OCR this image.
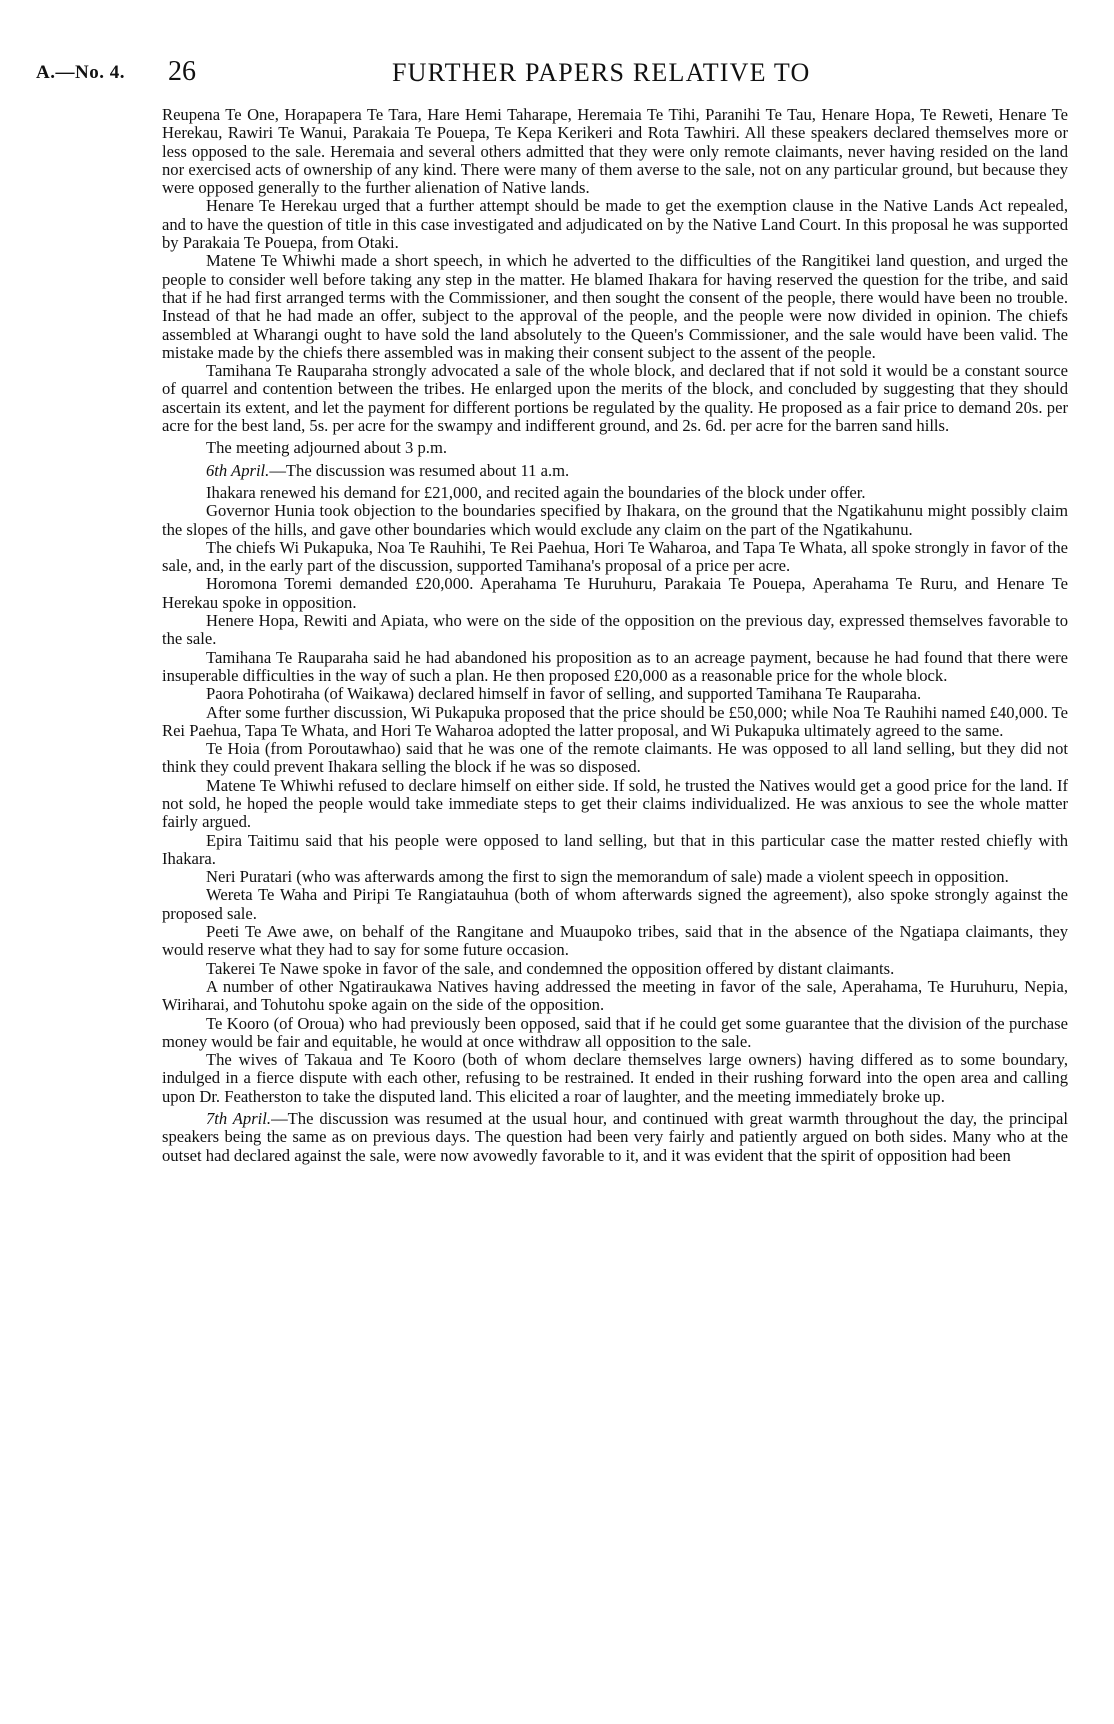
A.—No. 4. 26	FURTHER PAPERS RELATIVE TO

Reupena Te One, Horapapera Te Tara, Hare Hemi Taharape, Heremaia Te Tihi, Paranihi Te Tau, Henare Hopa, Te Reweti, Henare Te Herekau, Rawiri Te Wanui, Parakaia Te Pouepa, Te Kepa Kerikeri and Rota Tawhiri. All these speakers declared themselves more or less opposed to the sale. Heremaia and several others admitted that they were only remote claimants, never having resided on the land nor exercised acts of ownership of any kind. There were many of them averse to the sale, not on any particular ground, but because they were opposed generally to the further alienation of Native lands.

Henare Te Herekau urged that a further attempt should be made to get the exemption clause in the Native Lands Act repealed, and to have the question of title in this case investigated and adjudicated on by the Native Land Court. In this proposal he was supported by Parakaia Te Pouepa, from Otaki.

Matene Te Whiwhi made a short speech, in which he adverted to the difficulties of the Rangitikei land question, and urged the people to consider well before taking any step in the matter. He blamed Ihakara for having reserved the question for the tribe, and said that if he had first arranged terms with the Commissioner, and then sought the consent of the people, there would have been no trouble. Instead of that he had made an offer, subject to the approval of the people, and the people were now divided in opinion. The chiefs assembled at Wharangi ought to have sold the land absolutely to the Queen's Commissioner, and the sale would have been valid. The mistake made by the chiefs there assembled was in making their consent subject to the assent of the people.

Tamihana Te Rauparaha strongly advocated a sale of the whole block, and declared that if not sold it would be a constant source of quarrel and contention between the tribes. He enlarged upon the merits of the block, and concluded by suggesting that they should ascertain its extent, and let the payment for different portions be regulated by the quality. He proposed as a fair price to demand 20s. per acre for the best land, 5s. per acre for the swampy and indifferent ground, and 2s. 6d. per acre for the barren sand hills.

The meeting adjourned about 3 p.m.

6th April.—The discussion was resumed about 11 a.m.

Ihakara renewed his demand for £21,000, and recited again the boundaries of the block under offer.

Governor Hunia took objection to the boundaries specified by Ihakara, on the ground that the Ngatikahunu might possibly claim the slopes of the hills, and gave other boundaries which would exclude any claim on the part of the Ngatikahunu.

The chiefs Wi Pukapuka, Noa Te Rauhihi, Te Rei Paehua, Hori Te Waharoa, and Tapa Te Whata, all spoke strongly in favor of the sale, and, in the early part of the discussion, supported Tamihana's proposal of a price per acre.

Horomona Toremi demanded £20,000. Aperahama Te Huruhuru, Parakaia Te Pouepa, Aperahama Te Ruru, and Henare Te Herekau spoke in opposition.

Henere Hopa, Rewiti and Apiata, who were on the side of the opposition on the previous day, expressed themselves favorable to the sale.

Tamihana Te Rauparaha said he had abandoned his proposition as to an acreage payment, because he had found that there were insuperable difficulties in the way of such a plan. He then proposed £20,000 as a reasonable price for the whole block.

Paora Pohotiraha (of Waikawa) declared himself in favor of selling, and supported Tamihana Te Rauparaha.

After some further discussion, Wi Pukapuka proposed that the price should be £50,000; while Noa Te Rauhihi named £40,000. Te Rei Paehua, Tapa Te Whata, and Hori Te Waharoa adopted the latter proposal, and Wi Pukapuka ultimately agreed to the same.

Te Hoia (from Poroutawhao) said that he was one of the remote claimants. He was opposed to all land selling, but they did not think they could prevent Ihakara selling the block if he was so disposed.

Matene Te Whiwhi refused to declare himself on either side. If sold, he trusted the Natives would get a good price for the land. If not sold, he hoped the people would take immediate steps to get their claims individualized. He was anxious to see the whole matter fairly argued.

Epira Taitimu said that his people were opposed to land selling, but that in this particular case the matter rested chiefly with Ihakara.

Neri Puratari (who was afterwards among the first to sign the memorandum of sale) made a violent speech in opposition.

Wereta Te Waha and Piripi Te Rangiatauhua (both of whom afterwards signed the agreement), also spoke strongly against the proposed sale.

Peeti Te Awe awe, on behalf of the Rangitane and Muaupoko tribes, said that in the absence of the Ngatiapa claimants, they would reserve what they had to say for some future occasion.

Takerei Te Nawe spoke in favor of the sale, and condemned the opposition offered by distant claimants.

A number of other Ngatiraukawa Natives having addressed the meeting in favor of the sale, Aperahama, Te Huruhuru, Nepia, Wiriharai, and Tohutohu spoke again on the side of the opposition.

Te Kooro (of Oroua) who had previously been opposed, said that if he could get some guarantee that the division of the purchase money would be fair and equitable, he would at once withdraw all opposition to the sale.

The wives of Takaua and Te Kooro (both of whom declare themselves large owners) having differed as to some boundary, indulged in a fierce dispute with each other, refusing to be restrained. It ended in their rushing forward into the open area and calling upon Dr. Featherston to take the disputed land. This elicited a roar of laughter, and the meeting immediately broke up.

7th April.—The discussion was resumed at the usual hour, and continued with great warmth throughout the day, the principal speakers being the same as on previous days. The question had been very fairly and patiently argued on both sides. Many who at the outset had declared against the sale, were now avowedly favorable to it, and it was evident that the spirit of opposition had been
